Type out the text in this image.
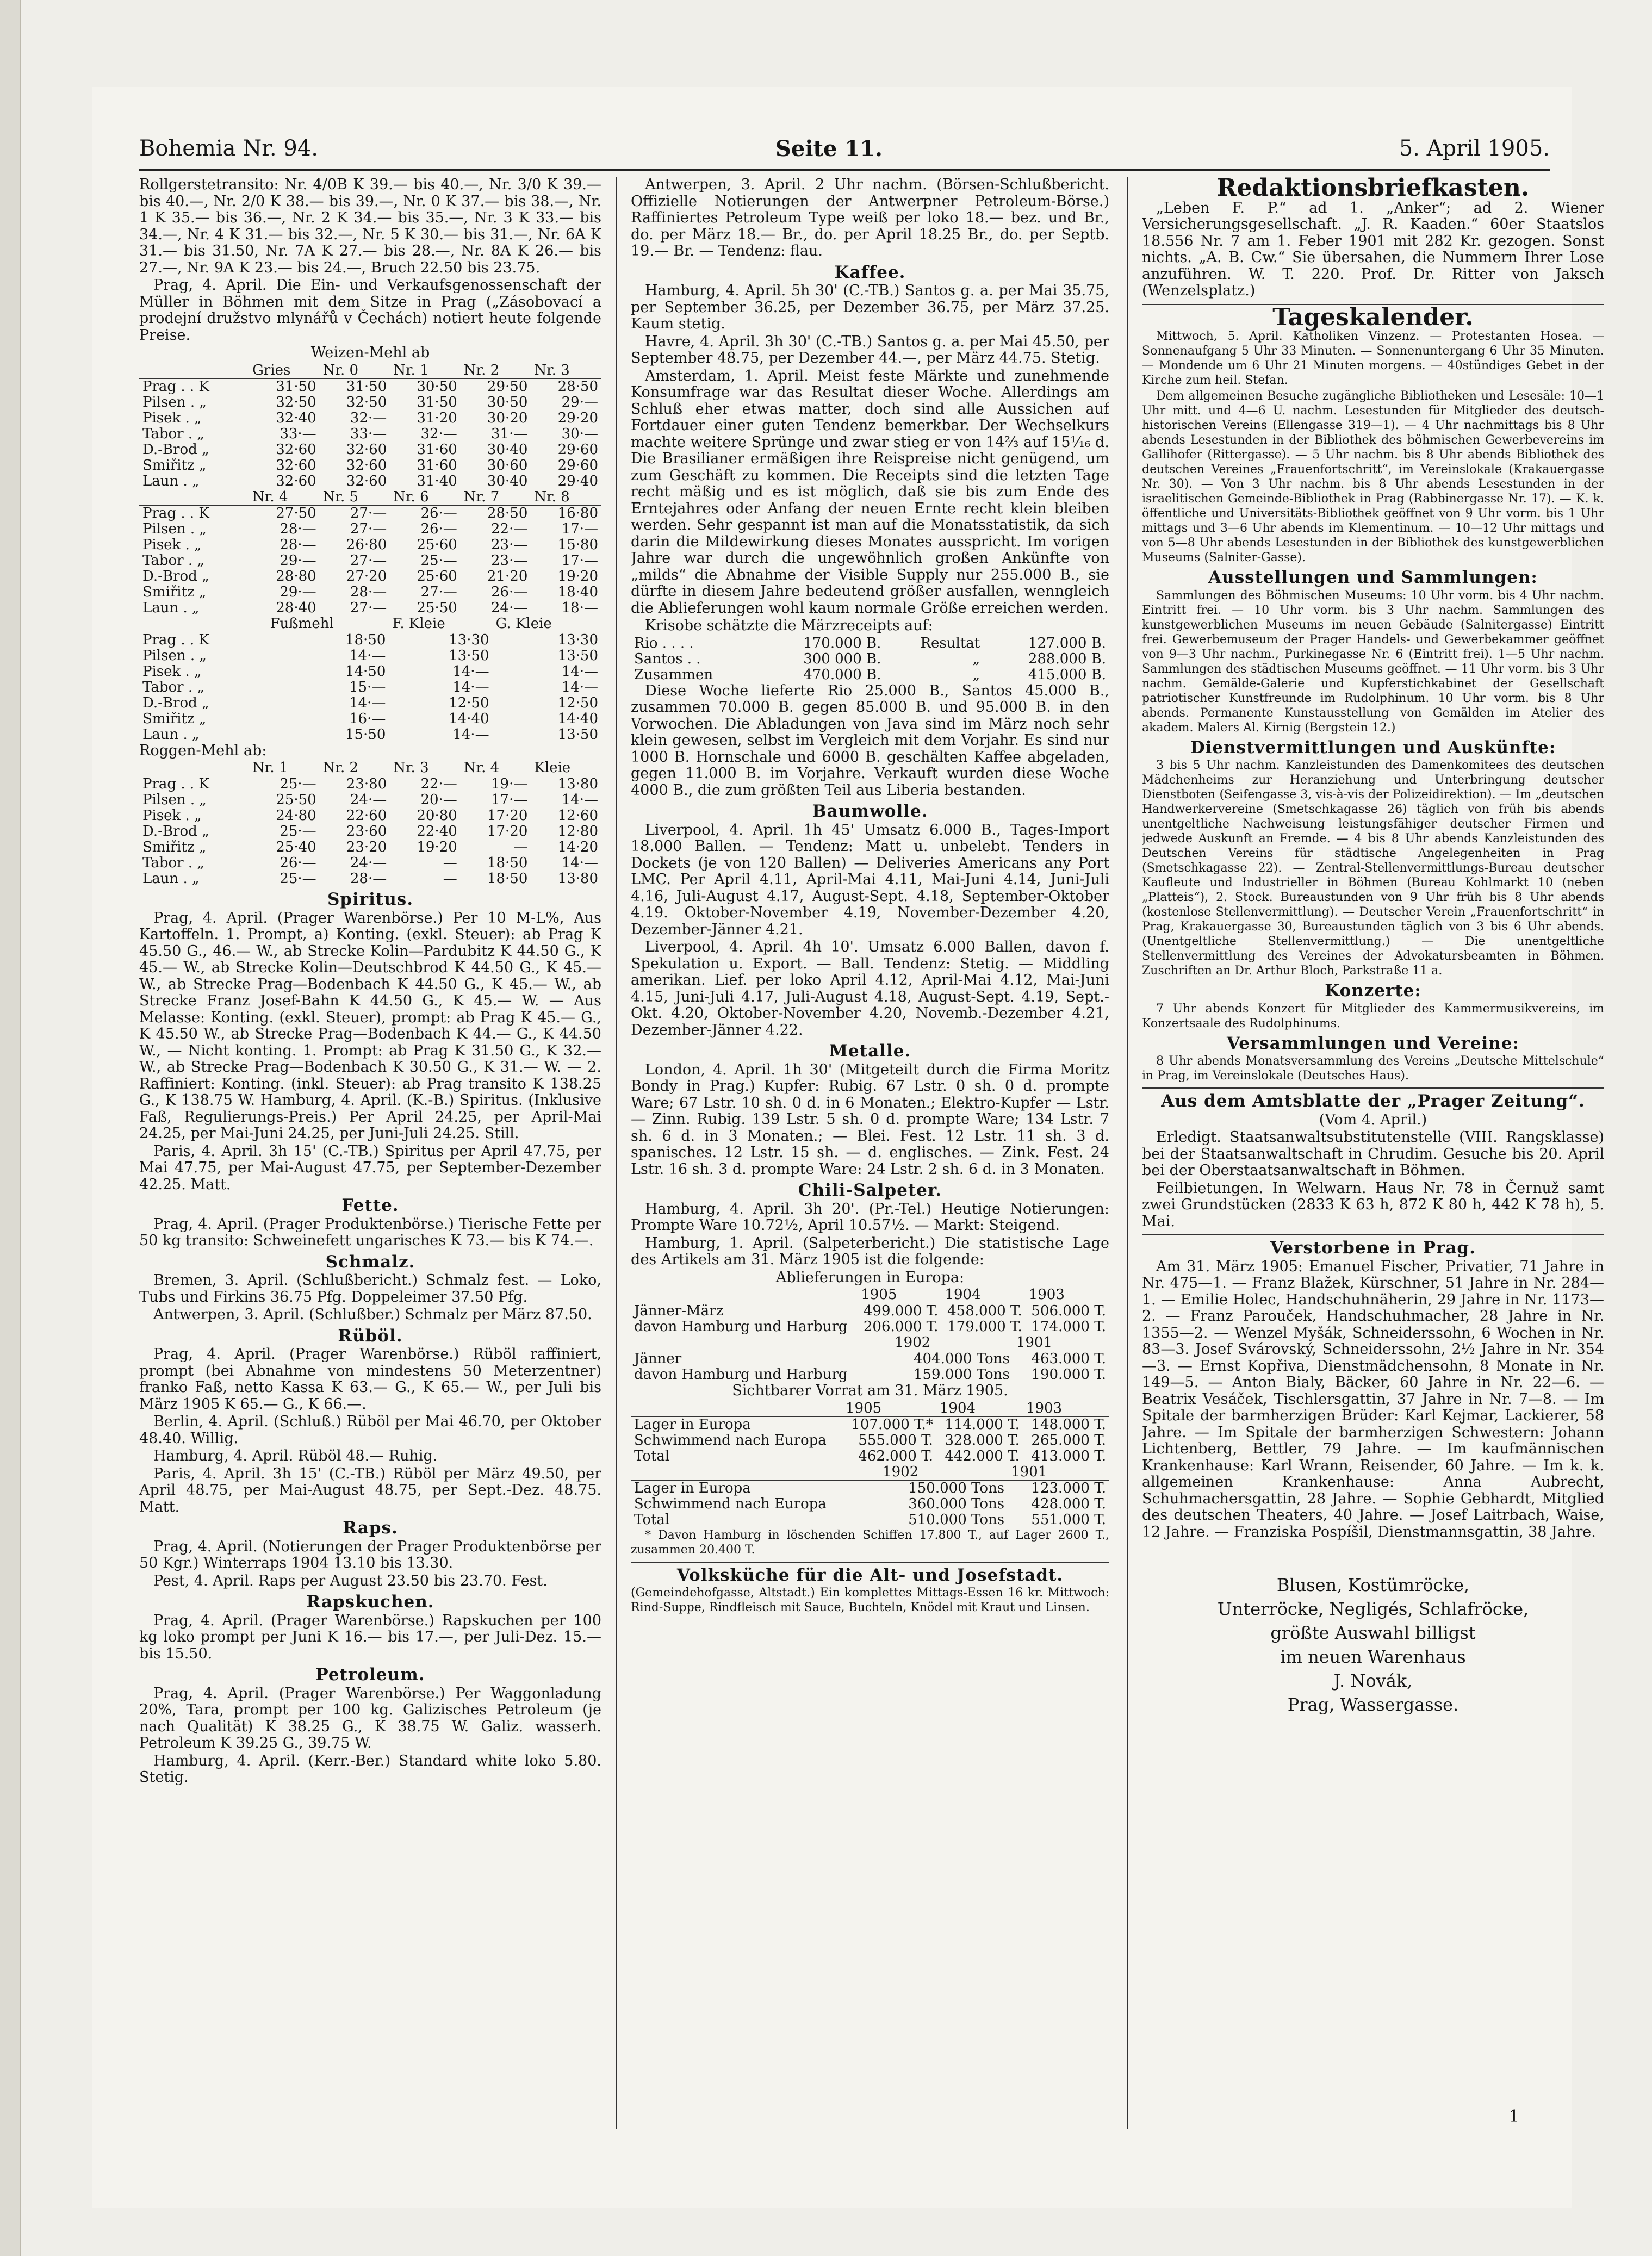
Bohemia Nr. 94.	Seite 11.	5. April 1905.

Rollgerstetransito: Nr. 4/0B K 39.— bis 40.—, Nr. 3/0 K 39.— bis 40.—, Nr. 2/0 K 38.— bis 39.—, Nr. 0 K 37.— bis 38.—, Nr. 1 K 35.— bis 36.—, Nr. 2 K 34.— bis 35.—, Nr. 3 K 33.— bis 34.—, Nr. 4 K 31.— bis 32.—, Nr. 5 K 30.— bis 31.—, Nr. 6A K 31.— bis 31.50, Nr. 7A K 27.— bis 28.—, Nr. 8A K 26.— bis 27.—, Nr. 9A K 23.— bis 24.—, Bruch 22.50 bis 23.75.

Prag, 4. April. Die Ein- und Verkaufsgenossenschaft der Müller in Böhmen mit dem Sitze in Prag („Zásobovací a prodejní družstvo mlynářů v Čechách) notiert heute folgende Preise.

Weizen-Mehl ab

	Gries	Nr. 0	Nr. 1	Nr. 2	Nr. 3
Prag . . K	31·50	31·50	30·50	29·50	28·50
Pilsen . „	32·50	32·50	31·50	30·50	29·—
Pisek . „	32·40	32·—	31·20	30·20	29·20
Tabor . „	33·—	33·—	32·—	31·—	30·—
D.-Brod „	32·60	32·60	31·60	30·40	29·60
Smiřitz „	32·60	32·60	31·60	30·60	29·60
Laun . „	32·60	32·60	31·40	30·40	29·40
	Nr. 4	Nr. 5	Nr. 6	Nr. 7	Nr. 8
Prag . . K	27·50	27·—	26·—	28·50	16·80
Pilsen . „	28·—	27·—	26·—	22·—	17·—
Pisek . „	28·—	26·80	25·60	23·—	15·80
Tabor . „	29·—	27·—	25·—	23·—	17·—
D.-Brod „	28·80	27·20	25·60	21·20	19·20
Smiřitz „	29·—	28·—	27·—	26·—	18·40
Laun . „	28·40	27·—	25·50	24·—	18·—
	Fußmehl	F. Kleie	G. Kleie
Prag . . K	18·50	13·30	13·30
Pilsen . „	14·—	13·50	13·50
Pisek . „	14·50	14·—	14·—
Tabor . „	15·—	14·—	14·—
D.-Brod „	14·—	12·50	12·50
Smiřitz „	16·—	14·40	14·40
Laun . „	15·50	14·—	13·50

Roggen-Mehl ab:

	Nr. 1	Nr. 2	Nr. 3	Nr. 4	Kleie
Prag . . K	25·—	23·80	22·—	19·—	13·80
Pilsen . „	25·50	24·—	20·—	17·—	14·—
Pisek . „	24·80	22·60	20·80	17·20	12·60
D.-Brod „	25·—	23·60	22·40	17·20	12·80
Smiřitz „	25·40	23·20	19·20	—	14·20
Tabor . „	26·—	24·—	—	18·50	14·—
Laun . „	25·—	28·—	—	18·50	13·80
Spiritus.

Prag, 4. April. (Prager Warenbörse.) Per 10 M-L%, Aus Kartoffeln. 1. Prompt, a) Konting. (exkl. Steuer): ab Prag K 45.50 G., 46.— W., ab Strecke Kolin—Pardubitz K 44.50 G., K 45.— W., ab Strecke Kolin—Deutschbrod K 44.50 G., K 45.— W., ab Strecke Prag—Bodenbach K 44.50 G., K 45.— W., ab Strecke Franz Josef-Bahn K 44.50 G., K 45.— W. — Aus Melasse: Konting. (exkl. Steuer), prompt: ab Prag K 45.— G., K 45.50 W., ab Strecke Prag—Bodenbach K 44.— G., K 44.50 W., — Nicht konting. 1. Prompt: ab Prag K 31.50 G., K 32.— W., ab Strecke Prag—Bodenbach K 30.50 G., K 31.— W. — 2. Raffiniert: Konting. (inkl. Steuer): ab Prag transito K 138.25 G., K 138.75 W. Hamburg, 4. April. (K.-B.) Spiritus. (Inklusive Faß, Regulierungs-Preis.) Per April 24.25, per April-Mai 24.25, per Mai-Juni 24.25, per Juni-Juli 24.25. Still.

Paris, 4. April. 3h 15' (C.-TB.) Spiritus per April 47.75, per Mai 47.75, per Mai-August 47.75, per September-Dezember 42.25. Matt.

Fette.

Prag, 4. April. (Prager Produktenbörse.) Tierische Fette per 50 kg transito: Schweinefett ungarisches K 73.— bis K 74.—.

Schmalz.

Bremen, 3. April. (Schlußbericht.) Schmalz fest. — Loko, Tubs und Firkins 36.75 Pfg. Doppeleimer 37.50 Pfg.

Antwerpen, 3. April. (Schlußber.) Schmalz per März 87.50.

Rüböl.

Prag, 4. April. (Prager Warenbörse.) Rüböl raffiniert, prompt (bei Abnahme von mindestens 50 Meterzentner) franko Faß, netto Kassa K 63.— G., K 65.— W., per Juli bis März 1905 K 65.— G., K 66.—.

Berlin, 4. April. (Schluß.) Rüböl per Mai 46.70, per Oktober 48.40. Willig.

Hamburg, 4. April. Rüböl 48.— Ruhig.

Paris, 4. April. 3h 15' (C.-TB.) Rüböl per März 49.50, per April 48.75, per Mai-August 48.75, per Sept.-Dez. 48.75. Matt.

Raps.

Prag, 4. April. (Notierungen der Prager Produktenbörse per 50 Kgr.) Winterraps 1904 13.10 bis 13.30.

Pest, 4. April. Raps per August 23.50 bis 23.70. Fest.

Rapskuchen.

Prag, 4. April. (Prager Warenbörse.) Rapskuchen per 100 kg loko prompt per Juni K 16.— bis 17.—, per Juli-Dez. 15.— bis 15.50.

Petroleum.

Prag, 4. April. (Prager Warenbörse.) Per Waggonladung 20%, Tara, prompt per 100 kg. Galizisches Petroleum (je nach Qualität) K 38.25 G., K 38.75 W. Galiz. wasserh. Petroleum K 39.25 G., 39.75 W.

Hamburg, 4. April. (Kerr.-Ber.) Standard white loko 5.80. Stetig.

Antwerpen, 3. April. 2 Uhr nachm. (Börsen-Schlußbericht. Offizielle Notierungen der Antwerpner Petroleum-Börse.) Raffiniertes Petroleum Type weiß per loko 18.— bez. und Br., do. per März 18.— Br., do. per April 18.25 Br., do. per Septb. 19.— Br. — Tendenz: flau.

Kaffee.

Hamburg, 4. April. 5h 30' (C.-TB.) Santos g. a. per Mai 35.75, per September 36.25, per Dezember 36.75, per März 37.25. Kaum stetig.

Havre, 4. April. 3h 30' (C.-TB.) Santos g. a. per Mai 45.50, per September 48.75, per Dezember 44.—, per März 44.75. Stetig.

Amsterdam, 1. April. Meist feste Märkte und zunehmende Konsumfrage war das Resultat dieser Woche. Allerdings am Schluß eher etwas matter, doch sind alle Aussichen auf Fortdauer einer guten Tendenz bemerkbar. Der Wechselkurs machte weitere Sprünge und zwar stieg er von 14⅔ auf 15⅟₁₆ d. Die Brasilianer ermäßigen ihre Reispreise nicht genügend, um zum Geschäft zu kommen. Die Receipts sind die letzten Tage recht mäßig und es ist möglich, daß sie bis zum Ende des Erntejahres oder Anfang der neuen Ernte recht klein bleiben werden. Sehr gespannt ist man auf die Monatsstatistik, da sich darin die Mildewirkung dieses Monates ausspricht. Im vorigen Jahre war durch die ungewöhnlich großen Ankünfte von „milds“ die Abnahme der Visible Supply nur 255.000 B., sie dürfte in diesem Jahre bedeutend größer ausfallen, wenngleich die Ablieferungen wohl kaum normale Größe erreichen werden.

Krisobe schätzte die Märzreceipts auf:

Rio . . . .	170.000 B.	Resultat	127.000 B.
Santos . .	300 000 B.	„	288.000 B.
Zusammen	470.000 B.	„	415.000 B.

Diese Woche lieferte Rio 25.000 B., Santos 45.000 B., zusammen 70.000 B. gegen 85.000 B. und 95.000 B. in den Vorwochen. Die Abladungen von Java sind im März noch sehr klein gewesen, selbst im Vergleich mit dem Vorjahr. Es sind nur 1000 B. Hornschale und 6000 B. geschälten Kaffee abgeladen, gegen 11.000 B. im Vorjahre. Verkauft wurden diese Woche 4000 B., die zum größten Teil aus Liberia bestanden.

Baumwolle.

Liverpool, 4. April. 1h 45' Umsatz 6.000 B., Tages-Import 18.000 Ballen. — Tendenz: Matt u. unbelebt. Tenders in Dockets (je von 120 Ballen) — Deliveries Americans any Port LMC. Per April 4.11, April-Mai 4.11, Mai-Juni 4.14, Juni-Juli 4.16, Juli-August 4.17, August-Sept. 4.18, September-Oktober 4.19. Oktober-November 4.19, November-Dezember 4.20, Dezember-Jänner 4.21.

Liverpool, 4. April. 4h 10'. Umsatz 6.000 Ballen, davon f. Spekulation u. Export. — Ball. Tendenz: Stetig. — Middling amerikan. Lief. per loko April 4.12, April-Mai 4.12, Mai-Juni 4.15, Juni-Juli 4.17, Juli-August 4.18, August-Sept. 4.19, Sept.-Okt. 4.20, Oktober-November 4.20, Novemb.-Dezember 4.21, Dezember-Jänner 4.22.

Metalle.

London, 4. April. 1h 30' (Mitgeteilt durch die Firma Moritz Bondy in Prag.) Kupfer: Rubig. 67 Lstr. 0 sh. 0 d. prompte Ware; 67 Lstr. 10 sh. 0 d. in 6 Monaten.; Elektro-Kupfer — Lstr. — Zinn. Rubig. 139 Lstr. 5 sh. 0 d. prompte Ware; 134 Lstr. 7 sh. 6 d. in 3 Monaten.; — Blei. Fest. 12 Lstr. 11 sh. 3 d. spanisches. 12 Lstr. 15 sh. — d. englisches. — Zink. Fest. 24 Lstr. 16 sh. 3 d. prompte Ware: 24 Lstr. 2 sh. 6 d. in 3 Monaten.

Chili-Salpeter.

Hamburg, 4. April. 3h 20'. (Pr.-Tel.) Heutige Notierungen: Prompte Ware 10.72½, April 10.57½. — Markt: Steigend.

Hamburg, 1. April. (Salpeterbericht.) Die statistische Lage des Artikels am 31. März 1905 ist die folgende:

Ablieferungen in Europa:

	1905	1904	1903
Jänner-März	499.000 T.	458.000 T.	506.000 T.
davon Hamburg und Harburg	206.000 T.	179.000 T.	174.000 T.
	1902	1901
Jänner	404.000 Tons	463.000 T.
davon Hamburg und Harburg	159.000 Tons	190.000 T.

Sichtbarer Vorrat am 31. März 1905.

	1905	1904	1903
Lager in Europa	107.000 T.*	114.000 T.	148.000 T.
Schwimmend nach Europa	555.000 T.	328.000 T.	265.000 T.
Total	462.000 T.	442.000 T.	413.000 T.
	1902	1901
Lager in Europa	150.000 Tons	123.000 T.
Schwimmend nach Europa	360.000 Tons	428.000 T.
Total	510.000 Tons	551.000 T.

* Davon Hamburg in löschenden Schiffen 17.800 T., auf Lager 2600 T., zusammen 20.400 T.

Volksküche für die Alt- und Josefstadt.

(Gemeindehofgasse, Altstadt.) Ein komplettes Mittags-Essen 16 kr. Mittwoch: Rind-Suppe, Rindfleisch mit Sauce, Buchteln, Knödel mit Kraut und Linsen.

Redaktionsbriefkasten.

„Leben F. P.“ ad 1. „Anker“; ad 2. Wiener Versicherungsgesellschaft. „J. R. Kaaden.“ 60er Staatslos 18.556 Nr. 7 am 1. Feber 1901 mit 282 Kr. gezogen. Sonst nichts. „A. B. Cw.“ Sie übersahen, die Nummern Ihrer Lose anzuführen. W. T. 220. Prof. Dr. Ritter von Jaksch (Wenzelsplatz.)

Tageskalender.

Mittwoch, 5. April. Katholiken Vinzenz. — Protestanten Hosea. — Sonnenaufgang 5 Uhr 33 Minuten. — Sonnenuntergang 6 Uhr 35 Minuten. — Mondende um 6 Uhr 21 Minuten morgens. — 40stündiges Gebet in der Kirche zum heil. Stefan.

Dem allgemeinen Besuche zugängliche Bibliotheken und Lesesäle: 10—1 Uhr mitt. und 4—6 U. nachm. Lesestunden für Mitglieder des deutsch-historischen Vereins (Ellengasse 319—1). — 4 Uhr nachmittags bis 8 Uhr abends Lesestunden in der Bibliothek des böhmischen Gewerbevereins im Gallihofer (Rittergasse). — 5 Uhr nachm. bis 8 Uhr abends Bibliothek des deutschen Vereines „Frauenfortschritt“, im Vereinslokale (Krakauergasse Nr. 30). — Von 3 Uhr nachm. bis 8 Uhr abends Lesestunden in der israelitischen Gemeinde-Bibliothek in Prag (Rabbinergasse Nr. 17). — K. k. öffentliche und Universitäts-Bibliothek geöffnet von 9 Uhr vorm. bis 1 Uhr mittags und 3—6 Uhr abends im Klementinum. — 10—12 Uhr mittags und von 5—8 Uhr abends Lesestunden in der Bibliothek des kunstgewerblichen Museums (Salniter-Gasse).

Ausstellungen und Sammlungen:

Sammlungen des Böhmischen Museums: 10 Uhr vorm. bis 4 Uhr nachm. Eintritt frei. — 10 Uhr vorm. bis 3 Uhr nachm. Sammlungen des kunstgewerblichen Museums im neuen Gebäude (Salnitergasse) Eintritt frei. Gewerbemuseum der Prager Handels- und Gewerbekammer geöffnet von 9—3 Uhr nachm., Purkinegasse Nr. 6 (Eintritt frei). 1—5 Uhr nachm. Sammlungen des städtischen Museums geöffnet. — 11 Uhr vorm. bis 3 Uhr nachm. Gemälde-Galerie und Kupferstichkabinet der Gesellschaft patriotischer Kunstfreunde im Rudolphinum. 10 Uhr vorm. bis 8 Uhr abends. Permanente Kunstausstellung von Gemälden im Atelier des akadem. Malers Al. Kirnig (Bergstein 12.)

Dienstvermittlungen und Auskünfte:

3 bis 5 Uhr nachm. Kanzleistunden des Damenkomitees des deutschen Mädchenheims zur Heranziehung und Unterbringung deutscher Dienstboten (Seifengasse 3, vis-à-vis der Polizeidirektion). — Im „deutschen Handwerkervereine (Smetschkagasse 26) täglich von früh bis abends unentgeltliche Nachweisung leistungsfähiger deutscher Firmen und jedwede Auskunft an Fremde. — 4 bis 8 Uhr abends Kanzleistunden des Deutschen Vereins für städtische Angelegenheiten in Prag (Smetschkagasse 22). — Zentral-Stellenvermittlungs-Bureau deutscher Kaufleute und Industrieller in Böhmen (Bureau Kohlmarkt 10 (neben „Platteis“), 2. Stock. Bureaustunden von 9 Uhr früh bis 8 Uhr abends (kostenlose Stellenvermittlung). — Deutscher Verein „Frauenfortschritt“ in Prag, Krakauergasse 30, Bureaustunden täglich von 3 bis 6 Uhr abends. (Unentgeltliche Stellenvermittlung.) — Die unentgeltliche Stellenvermittlung des Vereines der Advokatursbeamten in Böhmen. Zuschriften an Dr. Arthur Bloch, Parkstraße 11 a.

Konzerte:

7 Uhr abends Konzert für Mitglieder des Kammermusikvereins, im Konzertsaale des Rudolphinums.

Versammlungen und Vereine:

8 Uhr abends Monatsversammlung des Vereins „Deutsche Mittelschule“ in Prag, im Vereinslokale (Deutsches Haus).

Aus dem Amtsblatte der „Prager Zeitung“.

(Vom 4. April.)

Erledigt. Staatsanwaltsubstitutenstelle (VIII. Rangsklasse) bei der Staatsanwaltschaft in Chrudim. Gesuche bis 20. April bei der Oberstaatsanwaltschaft in Böhmen.

Feilbietungen. In Welwarn. Haus Nr. 78 in Černuž samt zwei Grundstücken (2833 K 63 h, 872 K 80 h, 442 K 78 h), 5. Mai.

Verstorbene in Prag.

Am 31. März 1905: Emanuel Fischer, Privatier, 71 Jahre in Nr. 475—1. — Franz Blažek, Kürschner, 51 Jahre in Nr. 284—1. — Emilie Holec, Handschuhnäherin, 29 Jahre in Nr. 1173—2. — Franz Parouček, Handschuhmacher, 28 Jahre in Nr. 1355—2. — Wenzel Myšák, Schneiderssohn, 6 Wochen in Nr. 83—3. Josef Svárovský, Schneiderssohn, 2½ Jahre in Nr. 354—3. — Ernst Kopřiva, Dienstmädchensohn, 8 Monate in Nr. 149—5. — Anton Bialy, Bäcker, 60 Jahre in Nr. 22—6. — Beatrix Vesáček, Tischlersgattin, 37 Jahre in Nr. 7—8. — Im Spitale der barmherzigen Brüder: Karl Kejmar, Lackierer, 58 Jahre. — Im Spitale der barmherzigen Schwestern: Johann Lichtenberg, Bettler, 79 Jahre. — Im kaufmännischen Krankenhause: Karl Wrann, Reisender, 60 Jahre. — Im k. k. allgemeinen Krankenhause: Anna Aubrecht, Schuhmachersgattin, 28 Jahre. — Sophie Gebhardt, Mitglied des deutschen Theaters, 40 Jahre. — Josef Laitrbach, Waise, 12 Jahre. — Franziska Pospíšil, Dienstmannsgattin, 38 Jahre.

Blusen, Kostümröcke,
Unterröcke, Negligés, Schlafröcke,
größte Auswahl billigst
im neuen Warenhaus
J. Novák,
Prag, Wassergasse.
1
